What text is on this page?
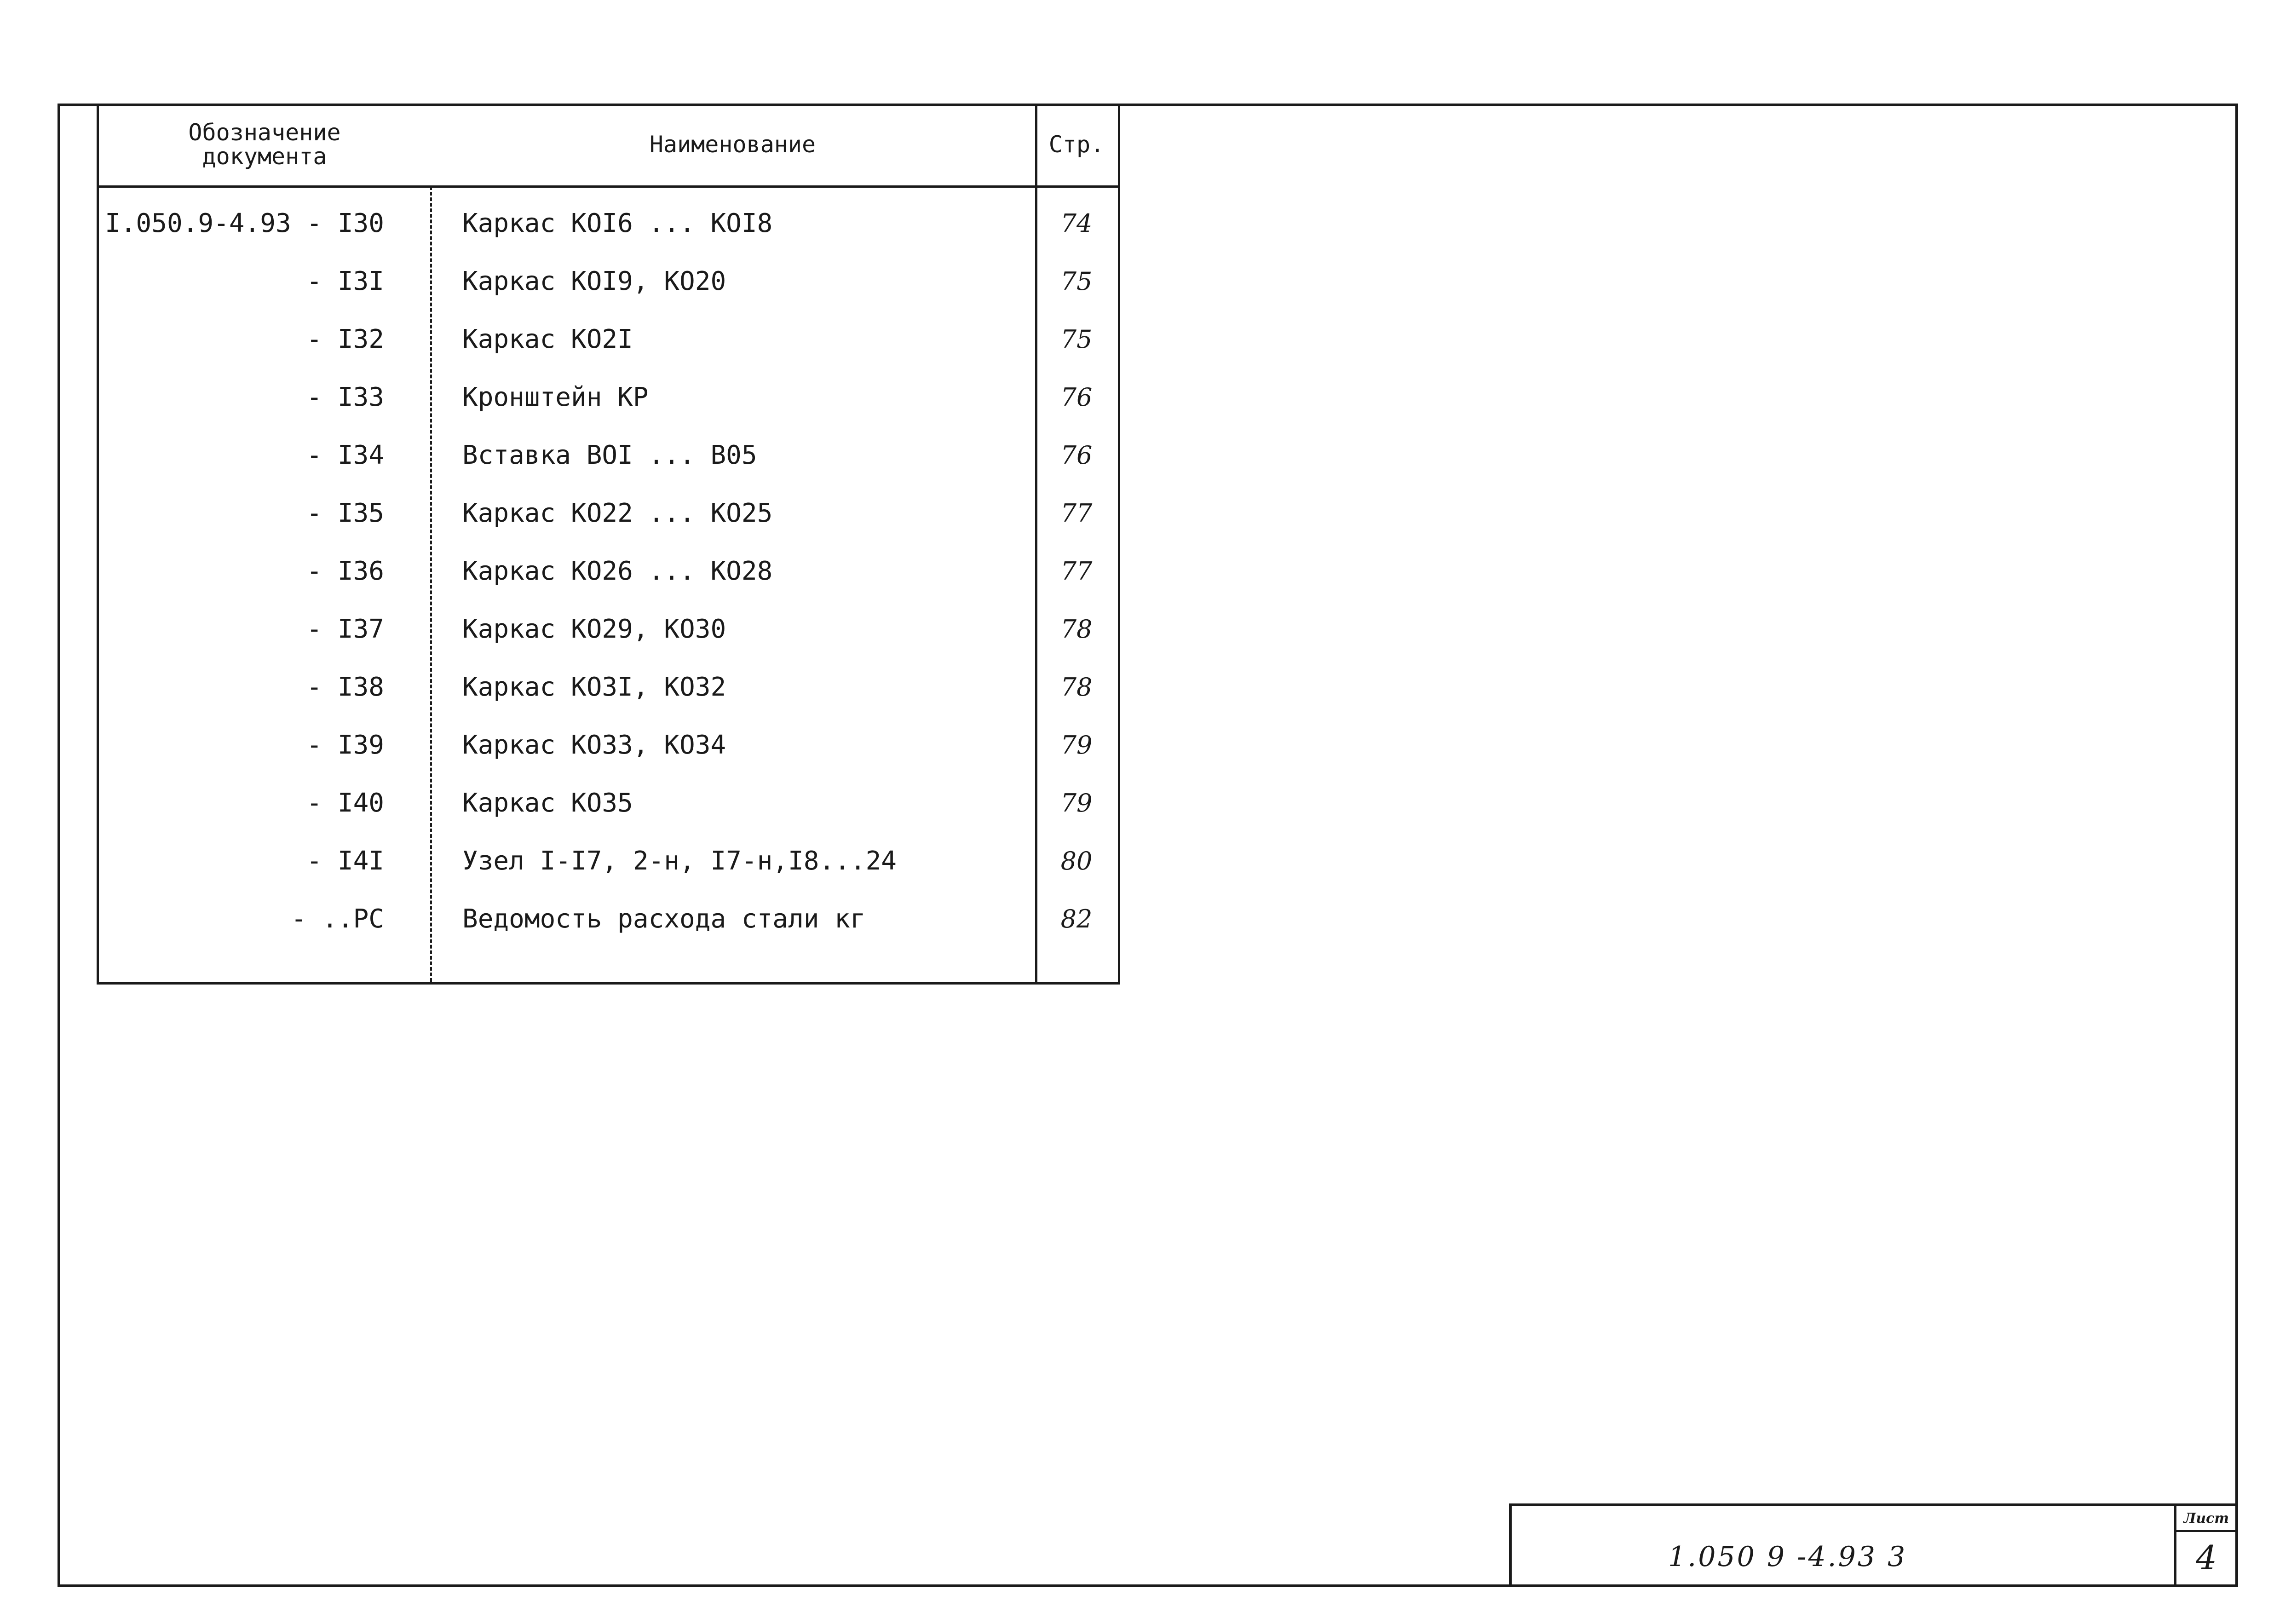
Обозначение
документа	Наименование	Стр.
I.050.9-4.93 - I30	Каркас КОI6 ... КОI8	74
- I3I	Каркас КОI9, КО20	75
- I32	Каркас КО2I	75
- I33	Кронштейн КР	76
- I34	Вставка ВОI ... В05	76
- I35	Каркас КО22 ... КО25	77
- I36	Каркас КО26 ... КО28	77
- I37	Каркас КО29, КО30	78
- I38	Каркас КО3I, КО32	78
- I39	Каркас КО33, КО34	79
- I40	Каркас КО35	79
- I4I	Узел I-I7, 2-н, I7-н,I8...24	80
- ..PC	Ведомость расхода стали кг	82
1.050 9 -4.93 3
Лист
4
